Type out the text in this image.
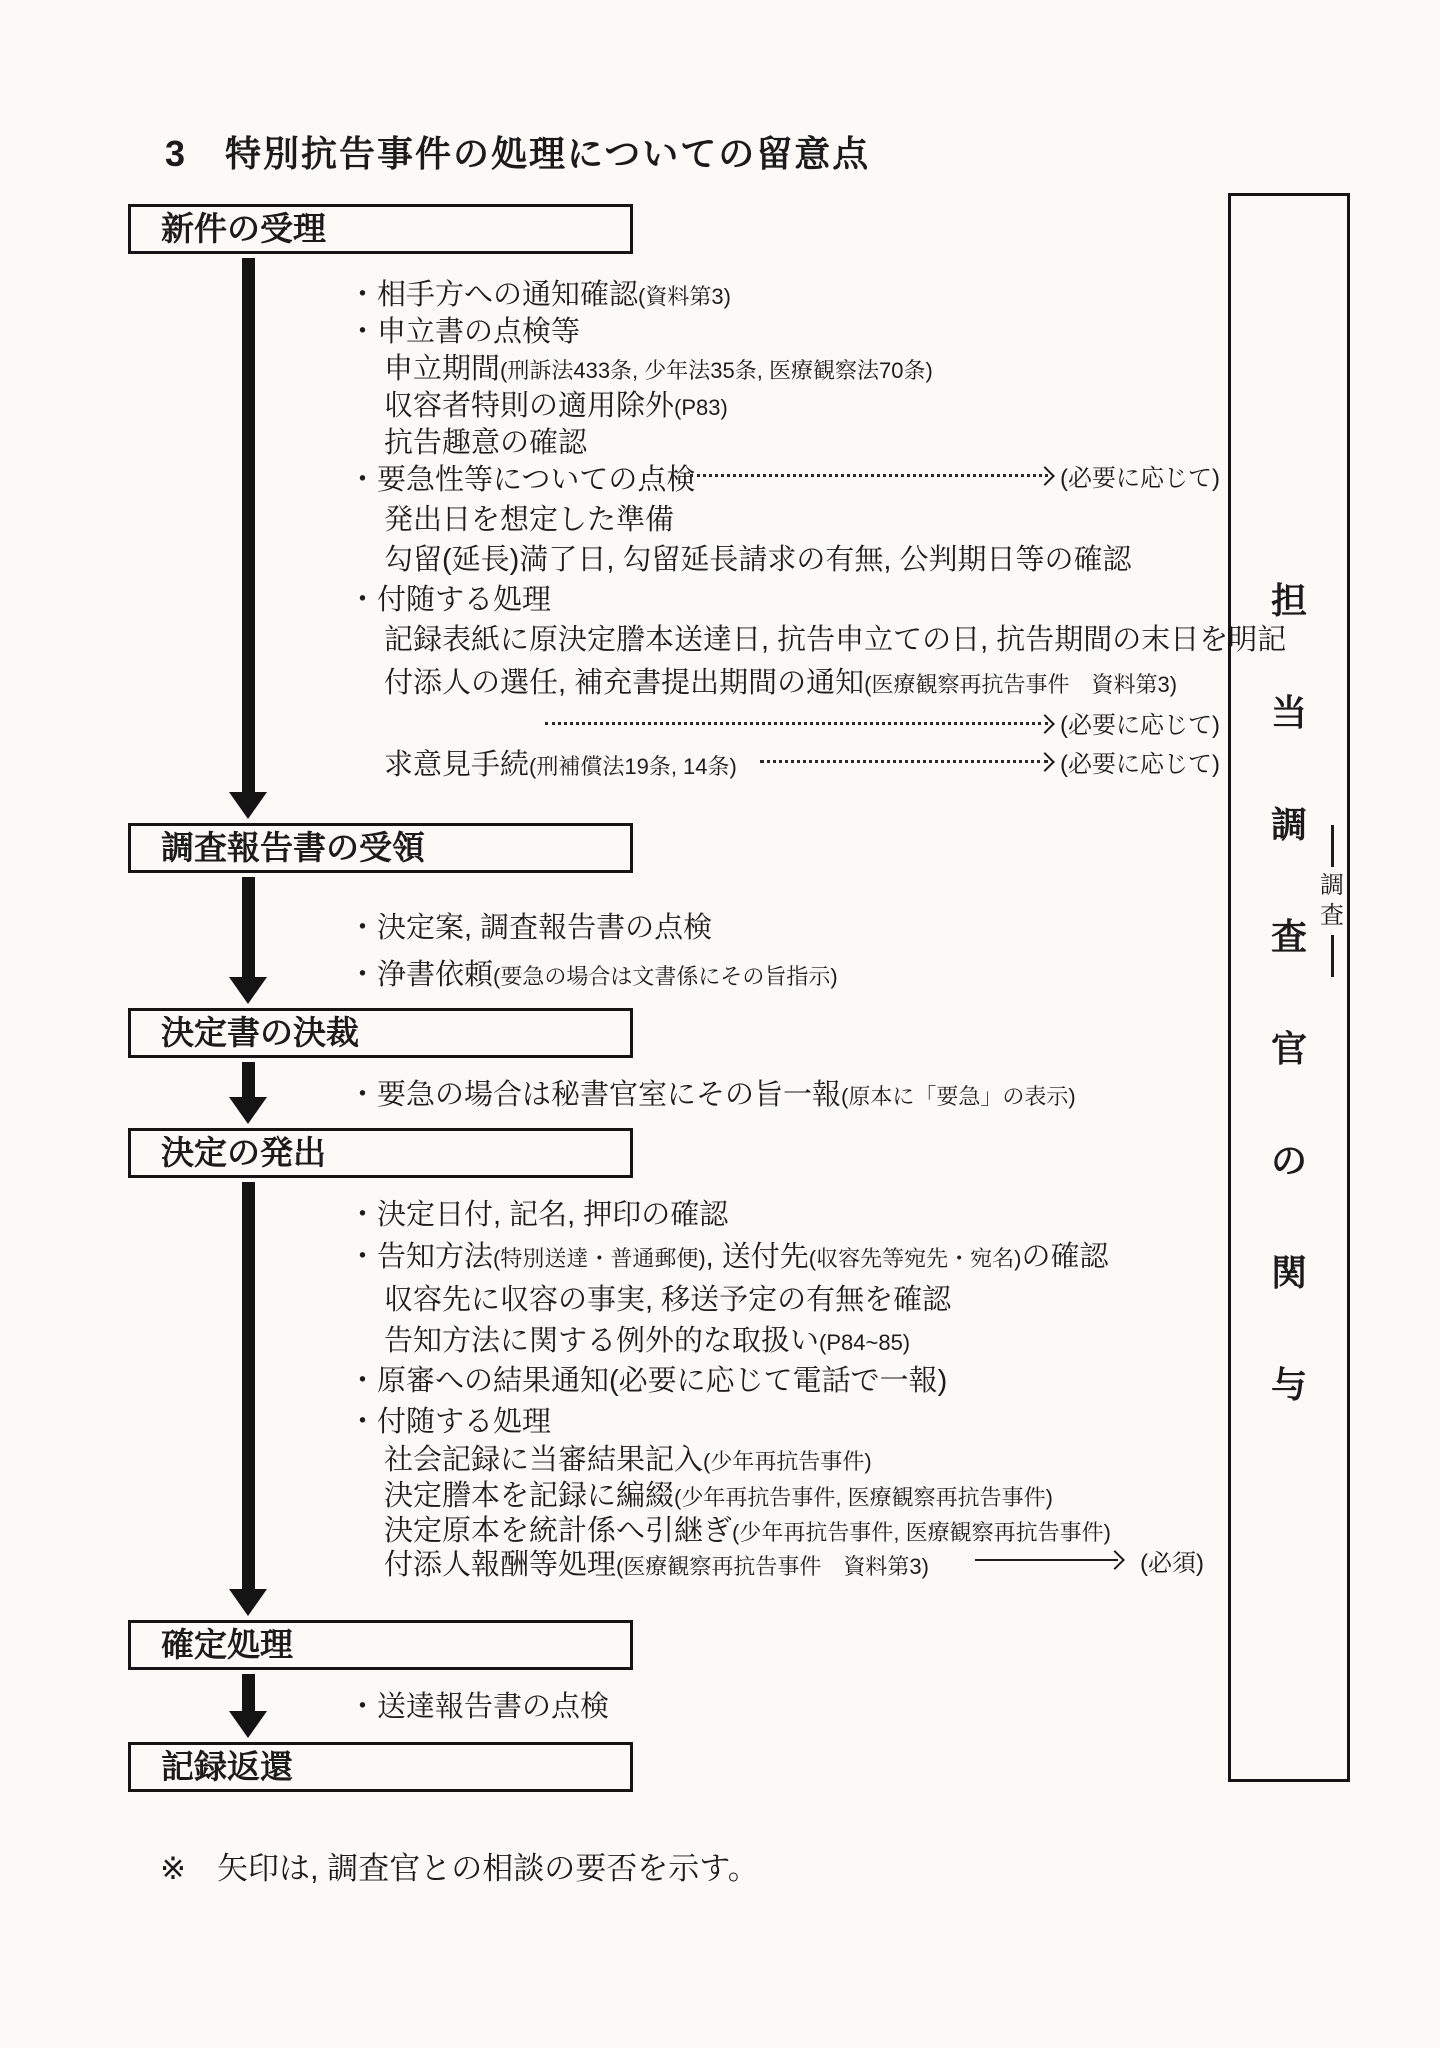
3　特別抗告事件の処理についての留意点
新件の受理
調査報告書の受領
決定書の決裁
決定の発出
確定処理
記録返還
・相手方への通知確認(資料第3)
・申立書の点検等
申立期間(刑訴法433条, 少年法35条, 医療観察法70条)
収容者特則の適用除外(P83)
抗告趣意の確認
・要急性等についての点検	(必要に応じて)
発出日を想定した準備
勾留(延長)満了日, 勾留延長請求の有無, 公判期日等の確認
・付随する処理
記録表紙に原決定謄本送達日, 抗告申立ての日, 抗告期間の末日を明記
付添人の選任, 補充書提出期間の通知(医療観察再抗告事件　資料第3)
(必要に応じて)
求意見手続(刑補償法19条, 14条)	(必要に応じて)
・決定案, 調査報告書の点検
・浄書依頼(要急の場合は文書係にその旨指示)
・要急の場合は秘書官室にその旨一報(原本に「要急」の表示)
・決定日付, 記名, 押印の確認
・告知方法(特別送達・普通郵便), 送付先(収容先等宛先・宛名)の確認
収容先に収容の事実, 移送予定の有無を確認
告知方法に関する例外的な取扱い(P84~85)
・原審への結果通知(必要に応じて電話で一報)
・付随する処理
社会記録に当審結果記入(少年再抗告事件)
決定謄本を記録に編綴(少年再抗告事件, 医療観察再抗告事件)
決定原本を統計係へ引継ぎ(少年再抗告事件, 医療観察再抗告事件)
付添人報酬等処理(医療観察再抗告事件　資料第3)	(必須)
・送達報告書の点検
担
当
調
査
官
の
関
与
調
査
※　矢印は, 調査官との相談の要否を示す。
